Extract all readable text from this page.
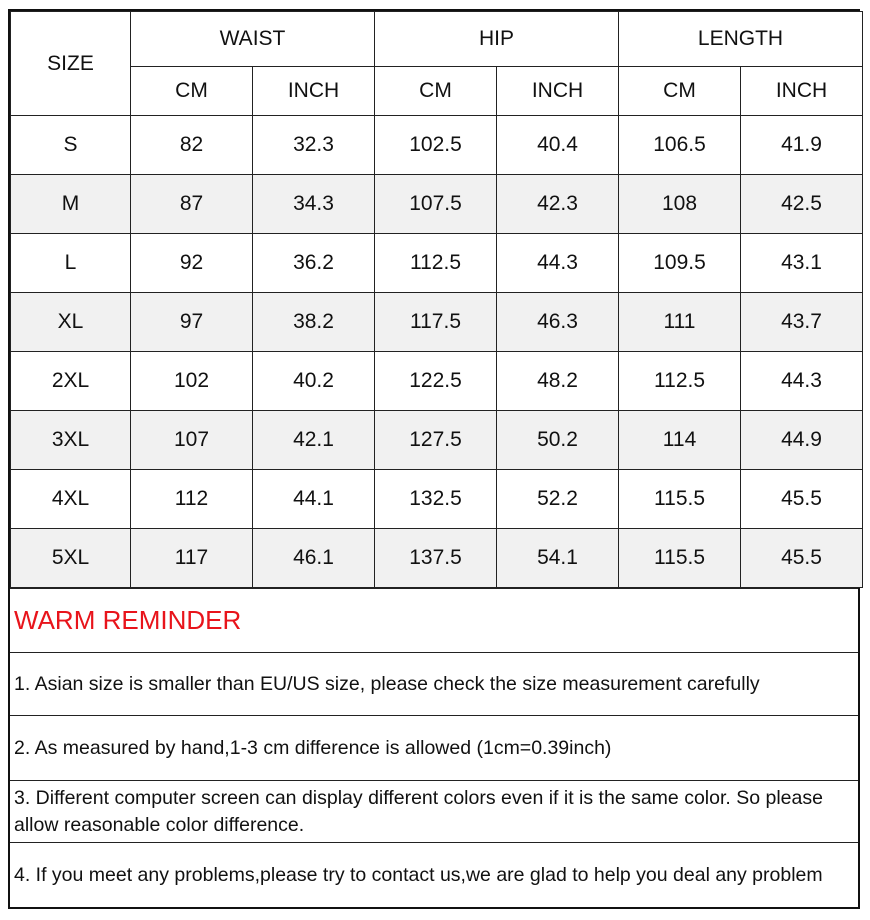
SIZE	WAIST		HIP		LENGTH	
	CM	INCH	CM	INCH	CM	INCH
S	82	32.3	102.5	40.4	106.5	41.9
M	87	34.3	107.5	42.3	108	42.5
L	92	36.2	112.5	44.3	109.5	43.1
XL	97	38.2	117.5	46.3	111	43.7
2XL	102	40.2	122.5	48.2	112.5	44.3
3XL	107	42.1	127.5	50.2	114	44.9
4XL	112	44.1	132.5	52.2	115.5	45.5
5XL	117	46.1	137.5	54.1	115.5	45.5
WARM REMINDER
1. Asian size is smaller than EU/US size, please check the size measurement carefully
2. As measured by hand,1-3 cm difference is allowed (1cm=0.39inch)
3. Different computer screen can display different colors even if it is the same color. So please allow reasonable color difference.
4. If you meet any problems,please try to contact us,we are glad to help you deal any problem
